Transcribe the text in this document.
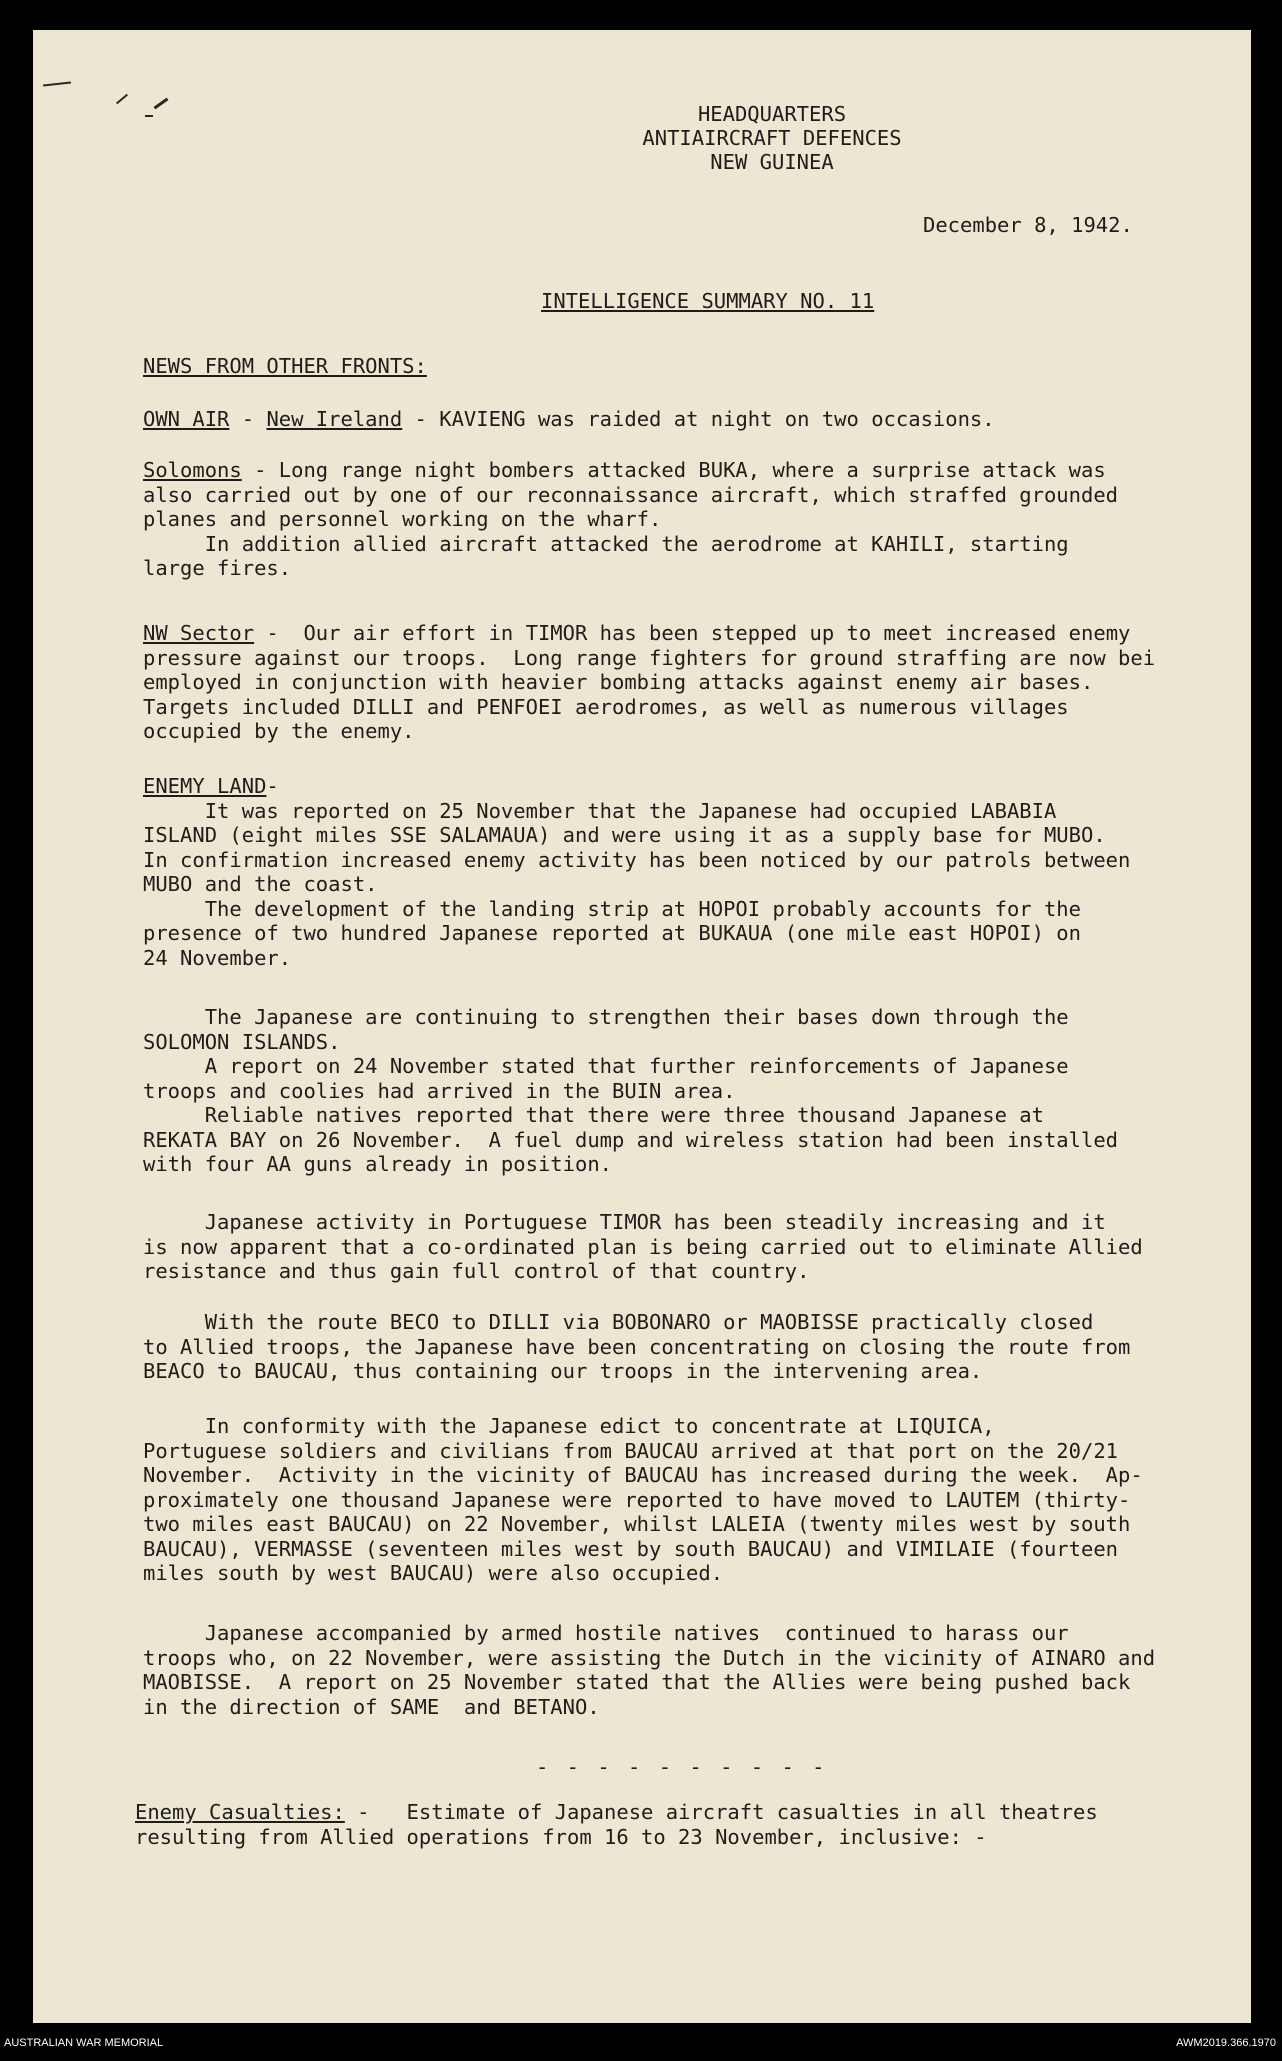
HEADQUARTERS
ANTIAIRCRAFT DEFENCES
NEW GUINEA
December 8, 1942.
INTELLIGENCE SUMMARY NO. 11
NEWS FROM OTHER FRONTS:

OWN AIR - New Ireland - KAVIENG was raided at night on two occasions.

Solomons - Long range night bombers attacked BUKA, where a surprise attack was

also carried out by one of our reconnaissance aircraft, which straffed grounded

planes and personnel working on the wharf.

In addition allied aircraft attacked the aerodrome at KAHILI, starting

large fires.

NW Sector -  Our air effort in TIMOR has been stepped up to meet increased enemy

pressure against our troops.  Long range fighters for ground straffing are now bei

employed in conjunction with heavier bombing attacks against enemy air bases.

Targets included DILLI and PENFOEI aerodromes, as well as numerous villages

occupied by the enemy.

ENEMY LAND-

It was reported on 25 November that the Japanese had occupied LABABIA

ISLAND (eight miles SSE SALAMAUA) and were using it as a supply base for MUBO.

In confirmation increased enemy activity has been noticed by our patrols between

MUBO and the coast.

The development of the landing strip at HOPOI probably accounts for the

presence of two hundred Japanese reported at BUKAUA (one mile east HOPOI) on

24 November.

The Japanese are continuing to strengthen their bases down through the

SOLOMON ISLANDS.

A report on 24 November stated that further reinforcements of Japanese

troops and coolies had arrived in the BUIN area.

Reliable natives reported that there were three thousand Japanese at

REKATA BAY on 26 November.  A fuel dump and wireless station had been installed

with four AA guns already in position.

Japanese activity in Portuguese TIMOR has been steadily increasing and it

is now apparent that a co-ordinated plan is being carried out to eliminate Allied

resistance and thus gain full control of that country.

With the route BECO to DILLI via BOBONARO or MAOBISSE practically closed

to Allied troops, the Japanese have been concentrating on closing the route from

BEACO to BAUCAU, thus containing our troops in the intervening area.

In conformity with the Japanese edict to concentrate at LIQUICA,

Portuguese soldiers and civilians from BAUCAU arrived at that port on the 20/21

November.  Activity in the vicinity of BAUCAU has increased during the week.  Ap-

proximately one thousand Japanese were reported to have moved to LAUTEM (thirty-

two miles east BAUCAU) on 22 November, whilst LALEIA (twenty miles west by south

BAUCAU), VERMASSE (seventeen miles west by south BAUCAU) and VIMILAIE (fourteen

miles south by west BAUCAU) were also occupied.

Japanese accompanied by armed hostile natives  continued to harass our

troops who, on 22 November, were assisting the Dutch in the vicinity of AINARO and

MAOBISSE.  A report on 25 November stated that the Allies were being pushed back

in the direction of SAME  and BETANO.

- - - - - - - - - -

Enemy Casualties: -   Estimate of Japanese aircraft casualties in all theatres

resulting from Allied operations from 16 to 23 November, inclusive: -

AUSTRALIAN WAR MEMORIAL	AWM2019.366.1970
